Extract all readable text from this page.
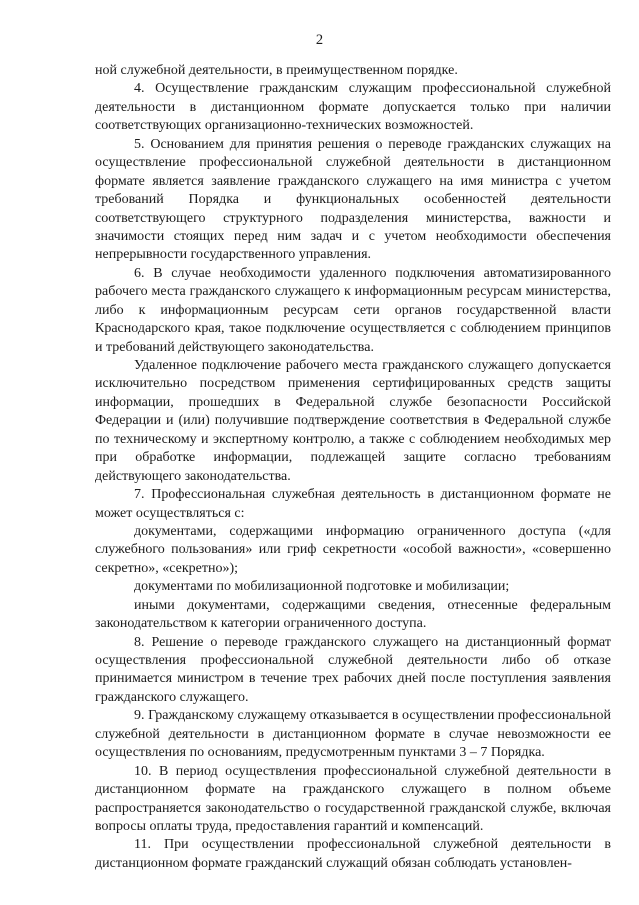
2

ной служебной деятельности, в преимущественном порядке.

4. Осуществление гражданским служащим профессиональной служебной деятельности в дистанционном формате допускается только при наличии соответствующих организационно-технических возможностей.

5. Основанием для принятия решения о переводе гражданских служащих на осуществление профессиональной служебной деятельности в дистанционном формате является заявление гражданского служащего на имя министра с учетом требований Порядка и функциональных особенностей деятельности соответствующего структурного подразделения министерства, важности и значимости стоящих перед ним задач и с учетом необходимости обеспечения непрерывности государственного управления.

6. В случае необходимости удаленного подключения автоматизированного рабочего места гражданского служащего к информационным ресурсам министерства, либо к информационным ресурсам сети органов государственной власти Краснодарского края, такое подключение осуществляется с соблюдением принципов и требований действующего законодательства.

Удаленное подключение рабочего места гражданского служащего допускается исключительно посредством применения сертифицированных средств защиты информации, прошедших в Федеральной службе безопасности Российской Федерации и (или) получившие подтверждение соответствия в Федеральной службе по техническому и экспертному контролю, а также с соблюдением необходимых мер при обработке информации, подлежащей защите согласно требованиям действующего законодательства.

7. Профессиональная служебная деятельность в дистанционном формате не может осуществляться с:

документами, содержащими информацию ограниченного доступа («для служебного пользования» или гриф секретности «особой важности», «совершенно секретно», «секретно»);

документами по мобилизационной подготовке и мобилизации;

иными документами, содержащими сведения, отнесенные федеральным законодательством к категории ограниченного доступа.

8. Решение о переводе гражданского служащего на дистанционный формат осуществления профессиональной служебной деятельности либо об отказе принимается министром в течение трех рабочих дней после поступления заявления гражданского служащего.

9. Гражданскому служащему отказывается в осуществлении профессиональной служебной деятельности в дистанционном формате в случае невозможности ее осуществления по основаниям, предусмотренным пунктами 3 – 7 Порядка.

10. В период осуществления профессиональной служебной деятельности в дистанционном формате на гражданского служащего в полном объеме распространяется законодательство о государственной гражданской службе, включая вопросы оплаты труда, предоставления гарантий и компенсаций.

11. При осуществлении профессиональной служебной деятельности в дистанционном формате гражданский служащий обязан соблюдать установлен-
